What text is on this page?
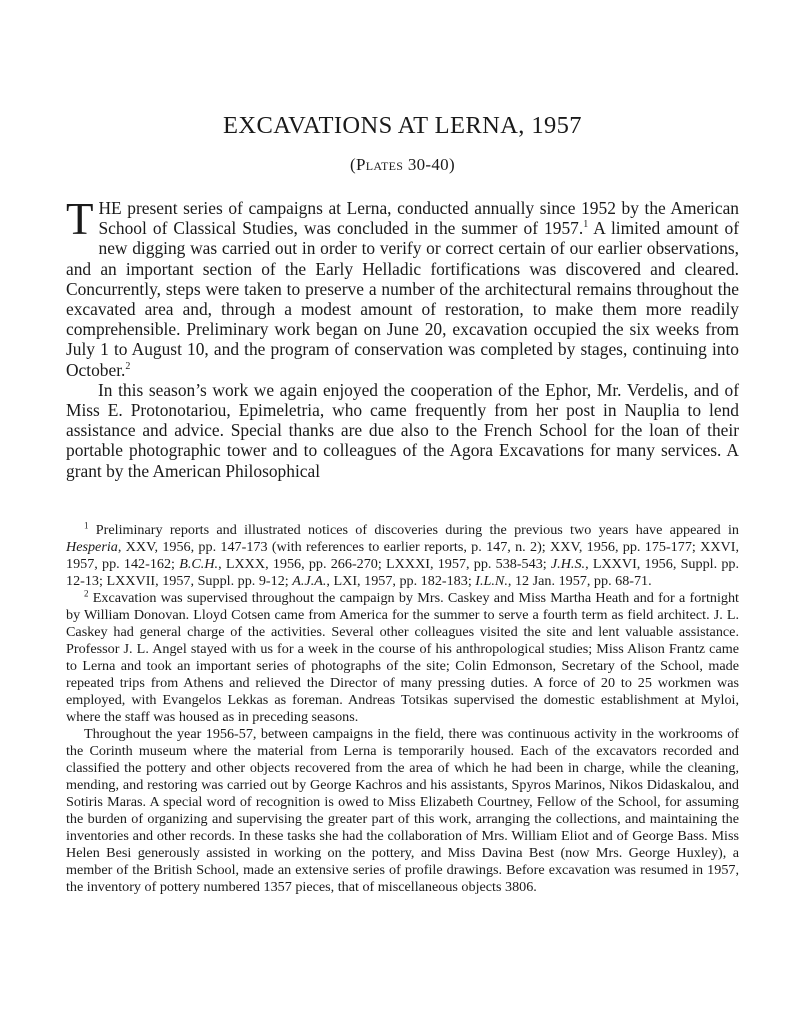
EXCAVATIONS AT LERNA, 1957
(Plates 30-40)

THE present series of campaigns at Lerna, conducted annually since 1952 by the American School of Classical Studies, was concluded in the summer of 1957.$^1$ A limited amount of new digging was carried out in order to verify or correct certain of our earlier observations, and an important section of the Early Helladic fortifications was discovered and cleared. Concurrently, steps were taken to preserve a number of the architectural remains throughout the excavated area and, through a modest amount of restoration, to make them more readily comprehensible. Preliminary work began on June 20, excavation occupied the six weeks from July 1 to August 10, and the program of conservation was completed by stages, continuing into October.$^2$

In this season’s work we again enjoyed the cooperation of the Ephor, Mr. Verdelis, and of Miss E. Protonotariou, Epimeletria, who came frequently from her post in Nauplia to lend assistance and advice. Special thanks are due also to the French School for the loan of their portable photographic tower and to colleagues of the Agora Excavations for many services. A grant by the American Philosophical

$^1$ Preliminary reports and illustrated notices of discoveries during the previous two years have appeared in Hesperia, XXV, 1956, pp. 147-173 (with references to earlier reports, p. 147, n. 2); XXV, 1956, pp. 175-177; XXVI, 1957, pp. 142-162; B.C.H., LXXX, 1956, pp. 266-270; LXXXI, 1957, pp. 538-543; J.H.S., LXXVI, 1956, Suppl. pp. 12-13; LXXVII, 1957, Suppl. pp. 9-12; A.J.A., LXI, 1957, pp. 182-183; I.L.N., 12 Jan. 1957, pp. 68-71.

$^2$ Excavation was supervised throughout the campaign by Mrs. Caskey and Miss Martha Heath and for a fortnight by William Donovan. Lloyd Cotsen came from America for the summer to serve a fourth term as field architect. J. L. Caskey had general charge of the activities. Several other colleagues visited the site and lent valuable assistance. Professor J. L. Angel stayed with us for a week in the course of his anthropological studies; Miss Alison Frantz came to Lerna and took an important series of photographs of the site; Colin Edmonson, Secretary of the School, made repeated trips from Athens and relieved the Director of many pressing duties. A force of 20 to 25 workmen was employed, with Evangelos Lekkas as foreman. Andreas Totsikas supervised the domestic establishment at Myloi, where the staff was housed as in preceding seasons.

Throughout the year 1956-57, between campaigns in the field, there was continuous activity in the workrooms of the Corinth museum where the material from Lerna is temporarily housed. Each of the excavators recorded and classified the pottery and other objects recovered from the area of which he had been in charge, while the cleaning, mending, and restoring was carried out by George Kachros and his assistants, Spyros Marinos, Nikos Didaskalou, and Sotiris Maras. A special word of recognition is owed to Miss Elizabeth Courtney, Fellow of the School, for assuming the burden of organizing and supervising the greater part of this work, arranging the collections, and maintaining the inventories and other records. In these tasks she had the collaboration of Mrs. William Eliot and of George Bass. Miss Helen Besi generously assisted in working on the pottery, and Miss Davina Best (now Mrs. George Huxley), a member of the British School, made an extensive series of profile drawings. Before excavation was resumed in 1957, the inventory of pottery numbered 1357 pieces, that of miscellaneous objects 3806.
